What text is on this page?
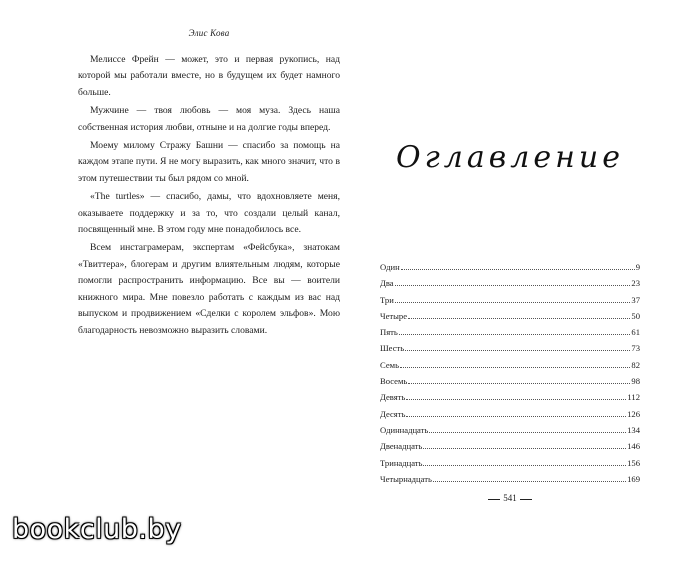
Элис Кова

Мелиссе Фрейн — может, это и первая рукопись, над которой мы работали вместе, но в будущем их будет намного больше.

Мужчине — твоя любовь — моя муза. Здесь наша собственная история любви, отныне и на долгие годы вперед.

Моему милому Стражу Башни — спасибо за помощь на каждом этапе пути. Я не могу выразить, как много значит, что в этом путешествии ты был рядом со мной.

«The turtles» — спасибо, дамы, что вдохновляете меня, оказываете поддержку и за то, что создали целый канал, посвященный мне. В этом году мне понадобилось все.

Всем инстаграмерам, экспертам «Фейсбука», знатокам «Твиттера», блогерам и другим влиятельным людям, которые помогли распространить информацию. Все вы — воители книжного мира. Мне повезло работать с каждым из вас над выпуском и продвижением «Сделки с королем эльфов». Мою благодарность невозможно выразить словами.

Оглавление
Один	9
Два	23
Три	37
Четыре	50
Пять	61
Шесть	73
Семь	82
Восемь	98
Девять	112
Десять	126
Одиннадцать	134
Двенадцать	146
Тринадцать	156
Четырнадцать	169
541
bookclub.by
